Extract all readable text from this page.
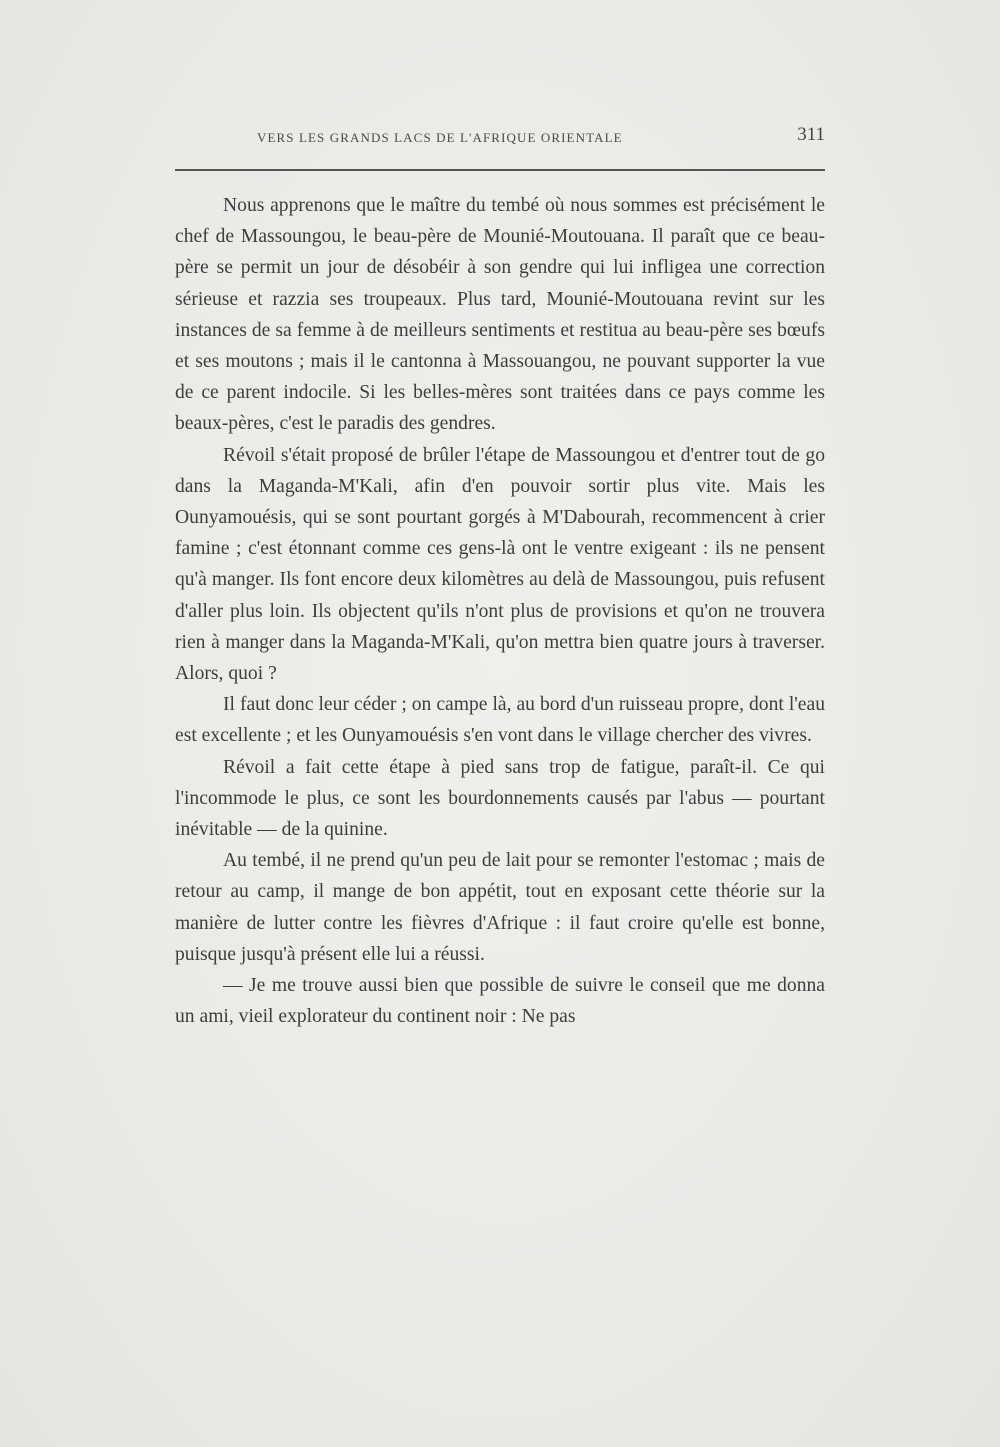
VERS LES GRANDS LACS DE L'AFRIQUE ORIENTALE	311

Nous apprenons que le maître du tembé où nous sommes est précisément le chef de Massoungou, le beau-père de Mounié-Moutouana. Il paraît que ce beau-père se permit un jour de désobéir à son gendre qui lui infligea une correction sérieuse et razzia ses troupeaux. Plus tard, Mounié-Moutouana revint sur les instances de sa femme à de meilleurs sentiments et restitua au beau-père ses bœufs et ses moutons ; mais il le cantonna à Massouangou, ne pouvant supporter la vue de ce parent indocile. Si les belles-mères sont traitées dans ce pays comme les beaux-pères, c'est le paradis des gendres.

Révoil s'était proposé de brûler l'étape de Massoungou et d'entrer tout de go dans la Maganda-M'Kali, afin d'en pouvoir sortir plus vite. Mais les Ounyamouésis, qui se sont pourtant gorgés à M'Dabourah, recommencent à crier famine ; c'est étonnant comme ces gens-là ont le ventre exigeant : ils ne pensent qu'à manger. Ils font encore deux kilomètres au delà de Massoungou, puis refusent d'aller plus loin. Ils objectent qu'ils n'ont plus de provisions et qu'on ne trouvera rien à manger dans la Maganda-M'Kali, qu'on mettra bien quatre jours à traverser. Alors, quoi ?

Il faut donc leur céder ; on campe là, au bord d'un ruisseau propre, dont l'eau est excellente ; et les Ounyamouésis s'en vont dans le village chercher des vivres.

Révoil a fait cette étape à pied sans trop de fatigue, paraît-il. Ce qui l'incommode le plus, ce sont les bourdonnements causés par l'abus — pourtant inévitable — de la quinine.

Au tembé, il ne prend qu'un peu de lait pour se remonter l'estomac ; mais de retour au camp, il mange de bon appétit, tout en exposant cette théorie sur la manière de lutter contre les fièvres d'Afrique : il faut croire qu'elle est bonne, puisque jusqu'à présent elle lui a réussi.

— Je me trouve aussi bien que possible de suivre le conseil que me donna un ami, vieil explorateur du continent noir : Ne pas
